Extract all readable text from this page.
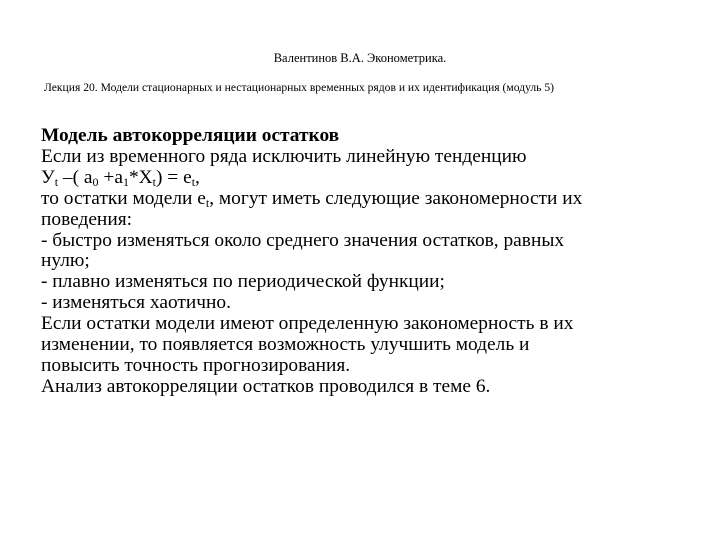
Валентинов В.А. Эконометрика.
Лекция 20. Модели стационарных и нестационарных временных рядов и их идентификация (модуль 5)
Модель автокорреляции остатков
Если из временного ряда исключить линейную тенденцию
$У_t$ –( $a_0 +a_1*X_t) = e_t$,
то остатки модели $e_t$, могут иметь следующие закономерности их
поведения:
- быстро изменяться около среднего значения остатков, равных
нулю;
- плавно изменяться по периодической функции;
- изменяться хаотично.
Если остатки модели имеют определенную закономерность в их
изменении, то появляется возможность улучшить модель и
повысить точность прогнозирования.
Анализ автокорреляции остатков проводился в теме 6.
